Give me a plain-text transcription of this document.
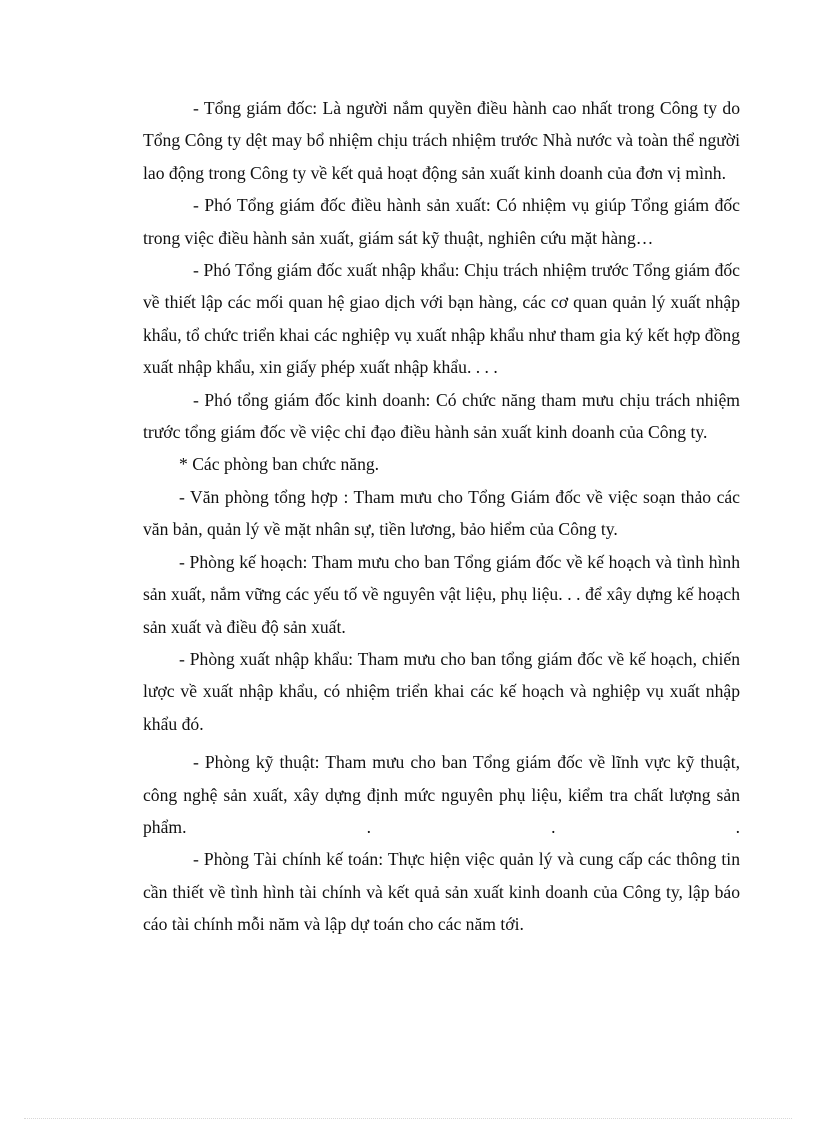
- Tổng giám đốc: Là người nắm quyền điều hành cao nhất trong Công ty do Tổng Công ty dệt may bổ nhiệm chịu trách nhiệm trước Nhà nước và toàn thể người lao động trong Công ty về kết quả hoạt động sản xuất kinh doanh của đơn vị mình.

- Phó Tổng giám đốc điều hành sản xuất: Có nhiệm vụ giúp Tổng giám đốc trong việc điều hành sản xuất, giám sát kỹ thuật, nghiên cứu mặt hàng…

- Phó Tổng giám đốc xuất nhập khẩu: Chịu trách nhiệm trước Tổng giám đốc về thiết lập các mối quan hệ giao dịch với bạn hàng, các cơ quan quản lý xuất nhập khẩu, tổ chức triển khai các nghiệp vụ xuất nhập khẩu như tham gia ký kết hợp đồng xuất nhập khẩu, xin giấy phép xuất nhập khẩu. . . .

- Phó tổng giám đốc kinh doanh: Có chức năng tham mưu chịu trách nhiệm trước tổng giám đốc về việc chỉ đạo điều hành sản xuất kinh doanh của Công ty.

* Các phòng ban chức năng.

- Văn phòng tổng hợp : Tham mưu cho Tổng Giám đốc về việc soạn thảo các văn bản, quản lý về mặt nhân sự, tiền lương, bảo hiểm của Công ty.

- Phòng kế hoạch: Tham mưu cho ban Tổng giám đốc về kế hoạch và tình hình sản xuất, nắm vững các yếu tố về nguyên vật liệu, phụ liệu. . . để xây dựng kế hoạch sản xuất và điều độ sản xuất.

- Phòng xuất nhập khẩu: Tham mưu cho ban tổng giám đốc về kế hoạch, chiến lược về xuất nhập khẩu, có nhiệm triển khai các kế hoạch và nghiệp vụ xuất nhập khẩu đó.

- Phòng kỹ thuật: Tham mưu cho ban Tổng giám đốc về lĩnh vực kỹ thuật, công nghệ sản xuất, xây dựng định mức nguyên phụ liệu, kiểm tra chất lượng sản phẩm. . . .

- Phòng Tài chính kế toán: Thực hiện việc quản lý và cung cấp các thông tin cần thiết về tình hình tài chính và kết quả sản xuất kinh doanh của Công ty, lập báo cáo tài chính mỗi năm và lập dự toán cho các năm tới.
